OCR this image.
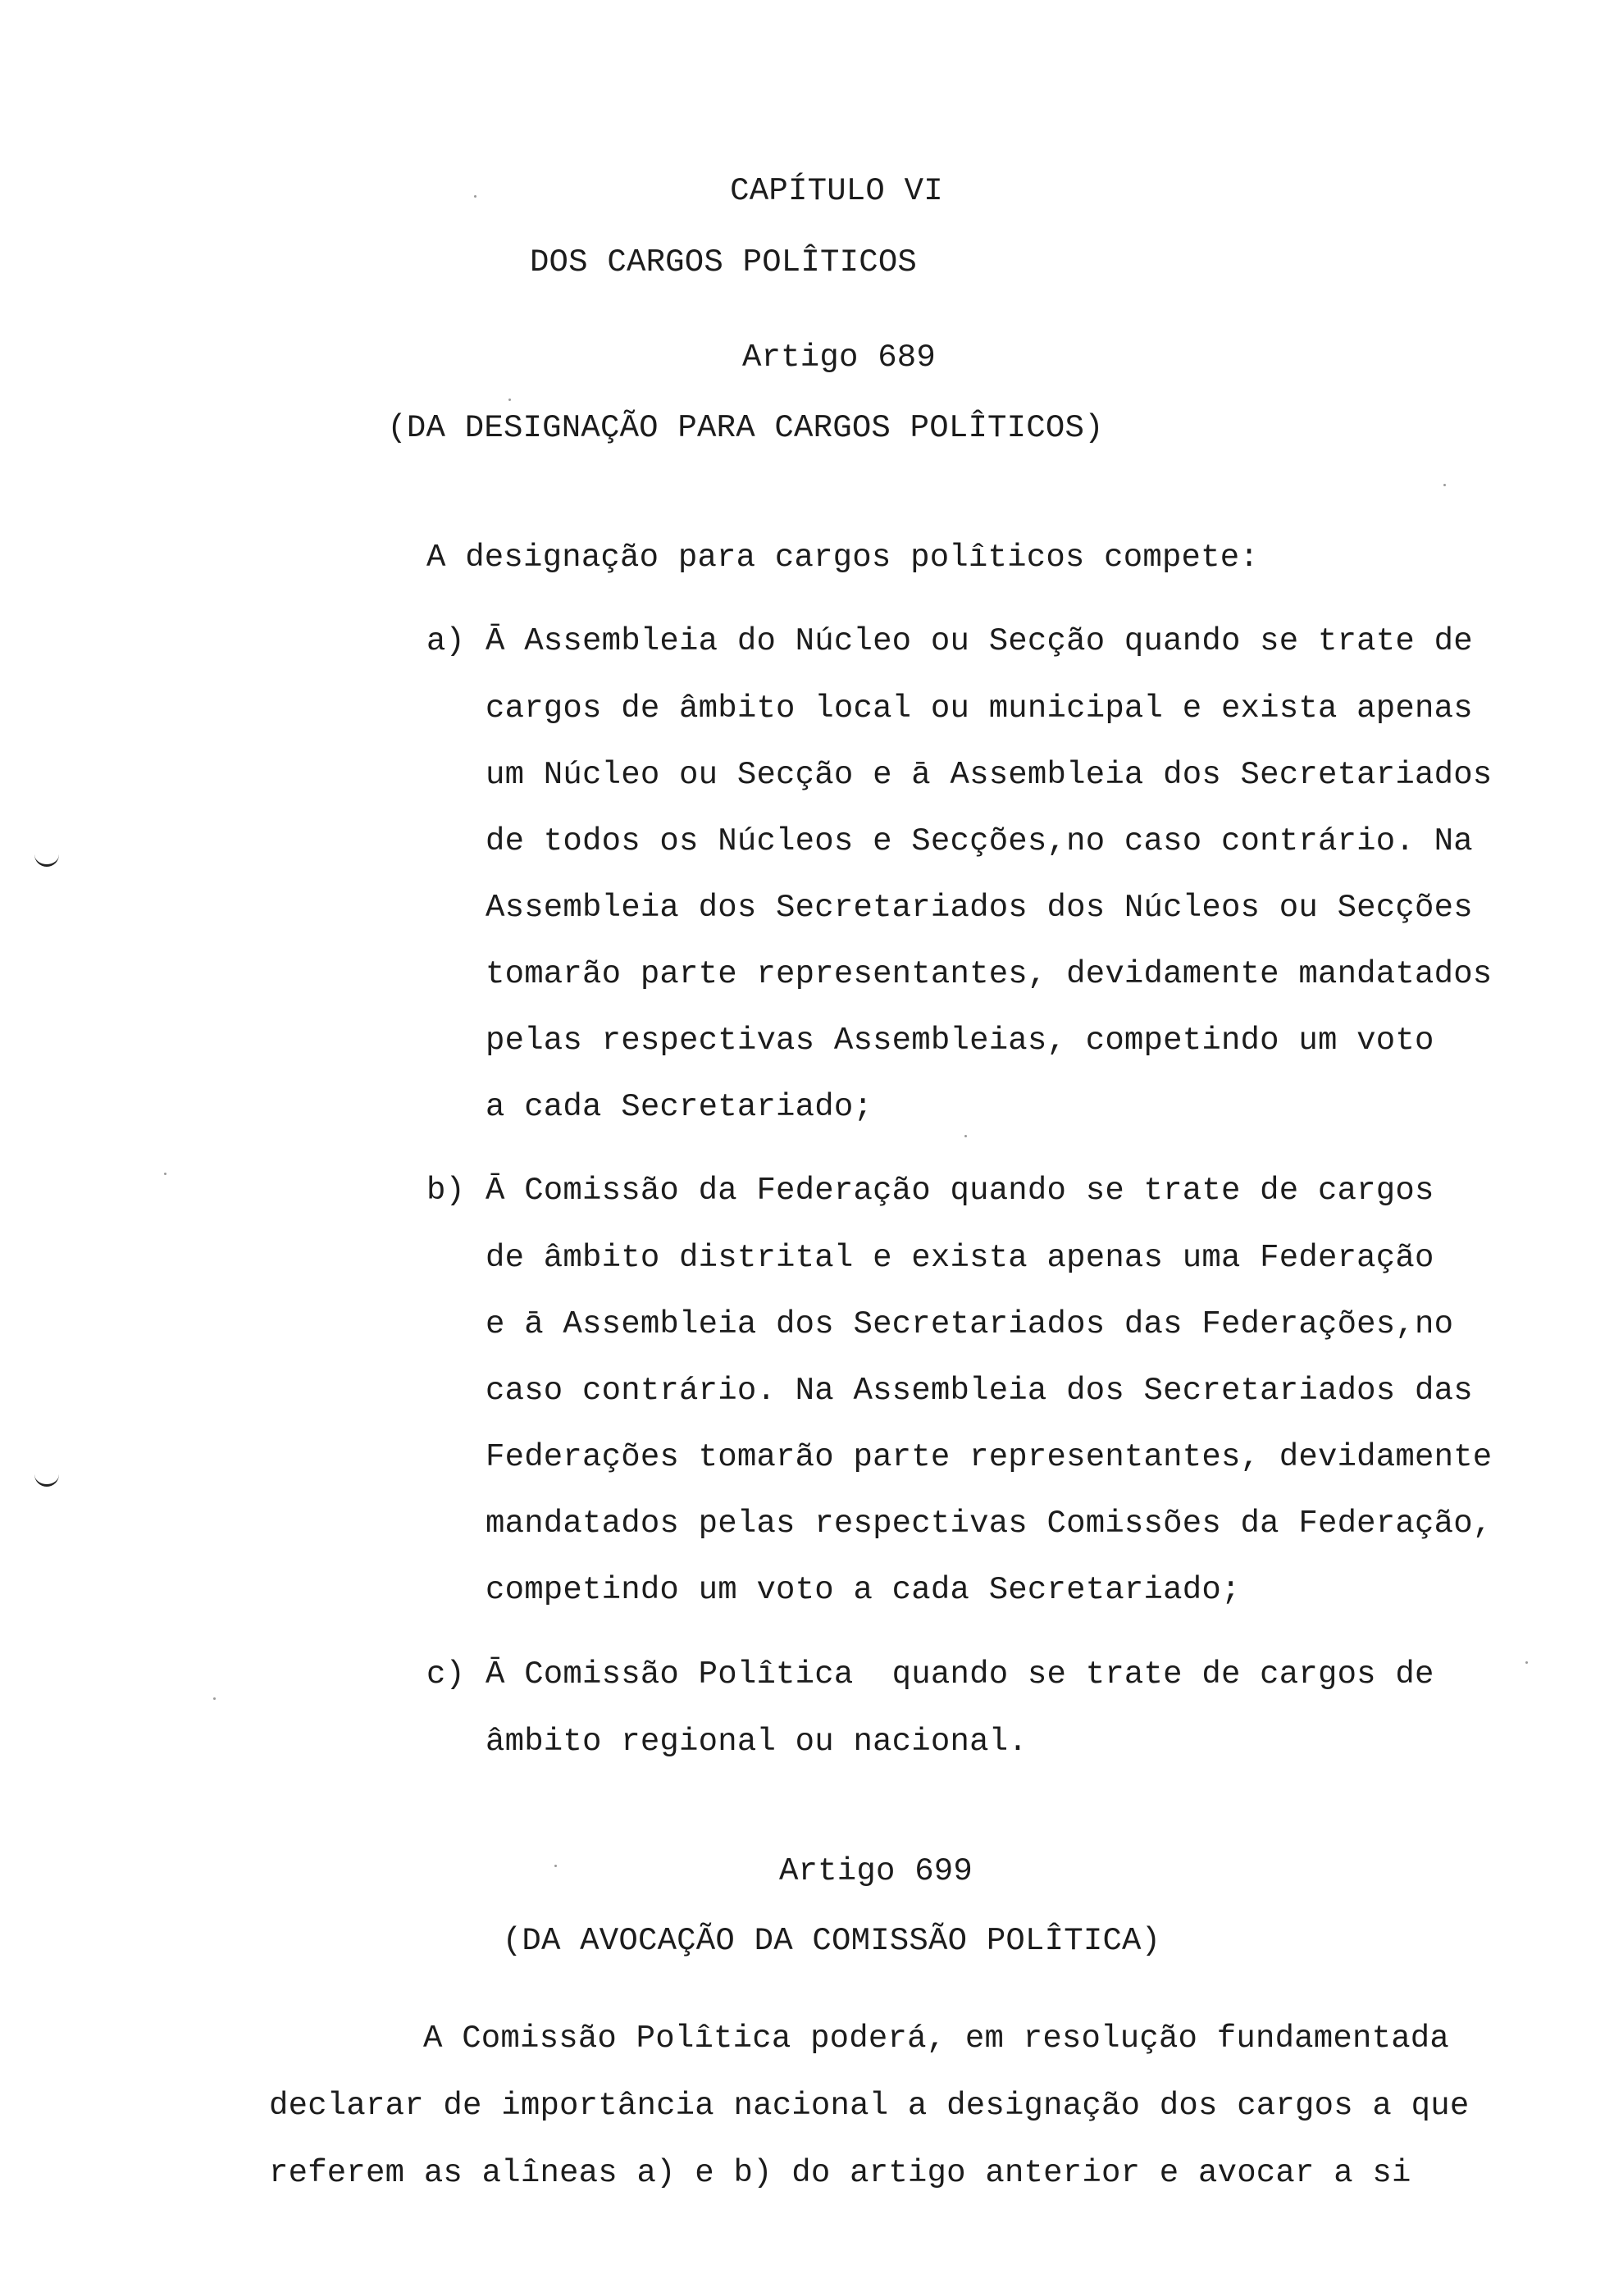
CAPÍTULO VI
DOS CARGOS POLÎTICOS
Artigo 689
(DA DESIGNAÇÃO PARA CARGOS POLÎTICOS)
A designação para cargos polîticos compete:
a) Ā Assembleia do Núcleo ou Secção quando se trate de
cargos de âmbito local ou municipal e exista apenas
um Núcleo ou Secção e ā Assembleia dos Secretariados
de todos os Núcleos e Secções,no caso contrário. Na
Assembleia dos Secretariados dos Núcleos ou Secções
tomarão parte representantes, devidamente mandatados
pelas respectivas Assembleias, competindo um voto
a cada Secretariado;
b) Ā Comissão da Federação quando se trate de cargos
de âmbito distrital e exista apenas uma Federação
e ā Assembleia dos Secretariados das Federações,no
caso contrário. Na Assembleia dos Secretariados das
Federações tomarão parte representantes, devidamente
mandatados pelas respectivas Comissões da Federação,
competindo um voto a cada Secretariado;
c) Ā Comissão Polîtica  quando se trate de cargos de
âmbito regional ou nacional.
Artigo 699
(DA AVOCAÇÃO DA COMISSÃO POLÎTICA)
A Comissão Polîtica poderá, em resolução fundamentada
declarar de importância nacional a designação dos cargos a que
referem as alîneas a) e b) do artigo anterior e avocar a si
